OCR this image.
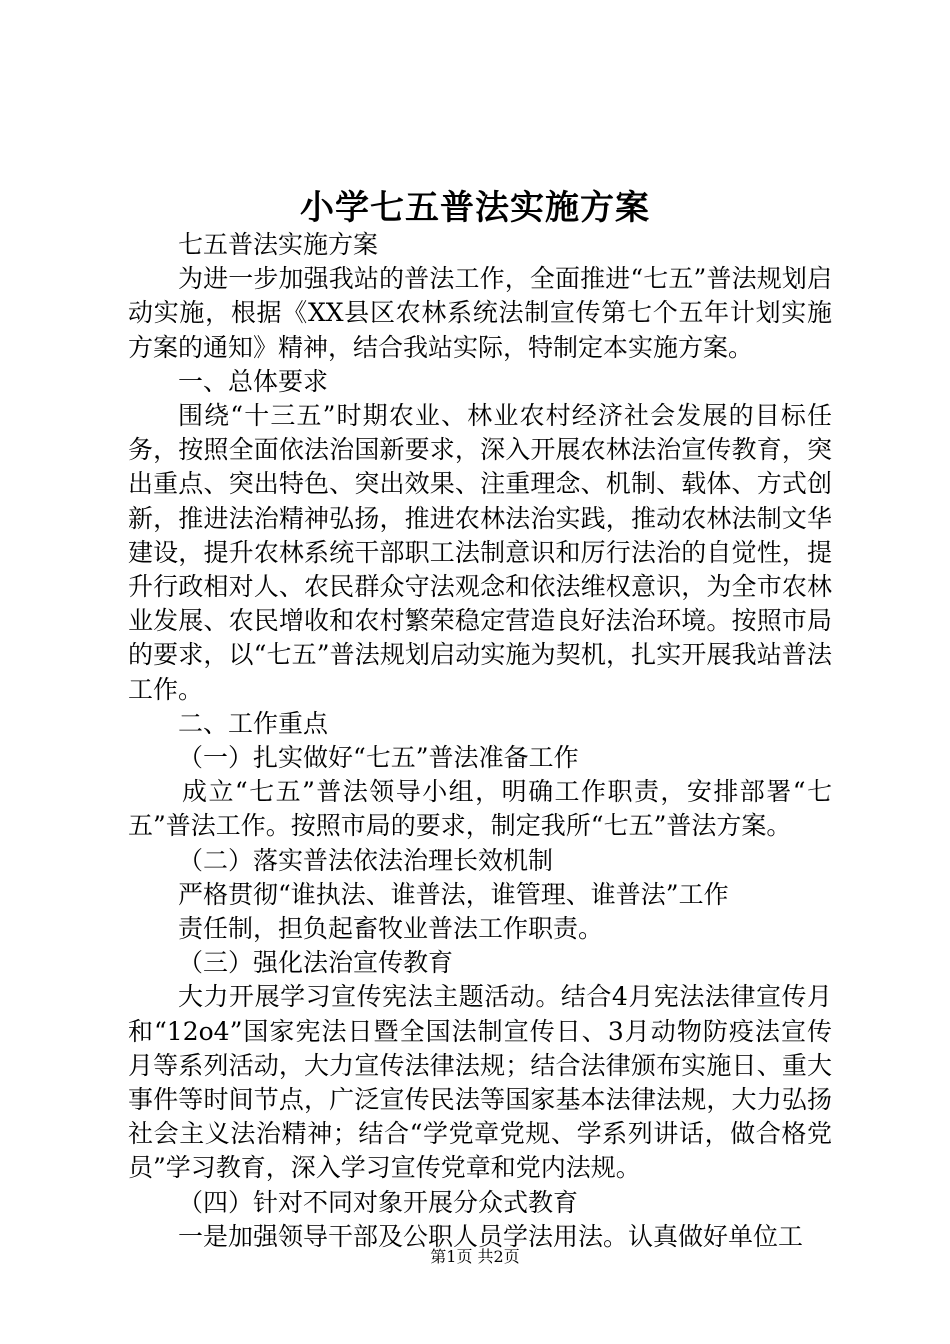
小学七五普法实施方案

七五普法实施方案

为进一步加强我站的普法工作，全面推进“七五”普法规划启动实施，根据《XX县区农林系统法制宣传第七个五年计划实施方案的通知》精神，结合我站实际，特制定本实施方案。

一、总体要求

围绕“十三五”时期农业、林业农村经济社会发展的目标任务，按照全面依法治国新要求，深入开展农林法治宣传教育，突出重点、突出特色、突出效果、注重理念、机制、载体、方式创新，推进法治精神弘扬，推进农林法治实践，推动农林法制文华建设，提升农林系统干部职工法制意识和厉行法治的自觉性，提升行政相对人、农民群众守法观念和依法维权意识，为全市农林业发展、农民增收和农村繁荣稳定营造良好法治环境。按照市局的要求，以“七五”普法规划启动实施为契机，扎实开展我站普法工作。

二、工作重点

（一）扎实做好“七五”普法准备工作

成立“七五”普法领导小组，明确工作职责，安排部署“七五”普法工作。按照市局的要求，制定我所“七五”普法方案。

（二）落实普法依法治理长效机制

严格贯彻“谁执法、谁普法，谁管理、谁普法”工作

责任制，担负起畜牧业普法工作职责。

（三）强化法治宣传教育

大力开展学习宣传宪法主题活动。结合4月宪法法律宣传月和“12o4”国家宪法日暨全国法制宣传日、3月动物防疫法宣传月等系列活动，大力宣传法律法规；结合法律颁布实施日、重大事件等时间节点，广泛宣传民法等国家基本法律法规，大力弘扬社会主义法治精神；结合“学党章党规、学系列讲话，做合格党员”学习教育，深入学习宣传党章和党内法规。

（四）针对不同对象开展分众式教育

一是加强领导干部及公职人员学法用法。认真做好单位工

第1页 共2页
